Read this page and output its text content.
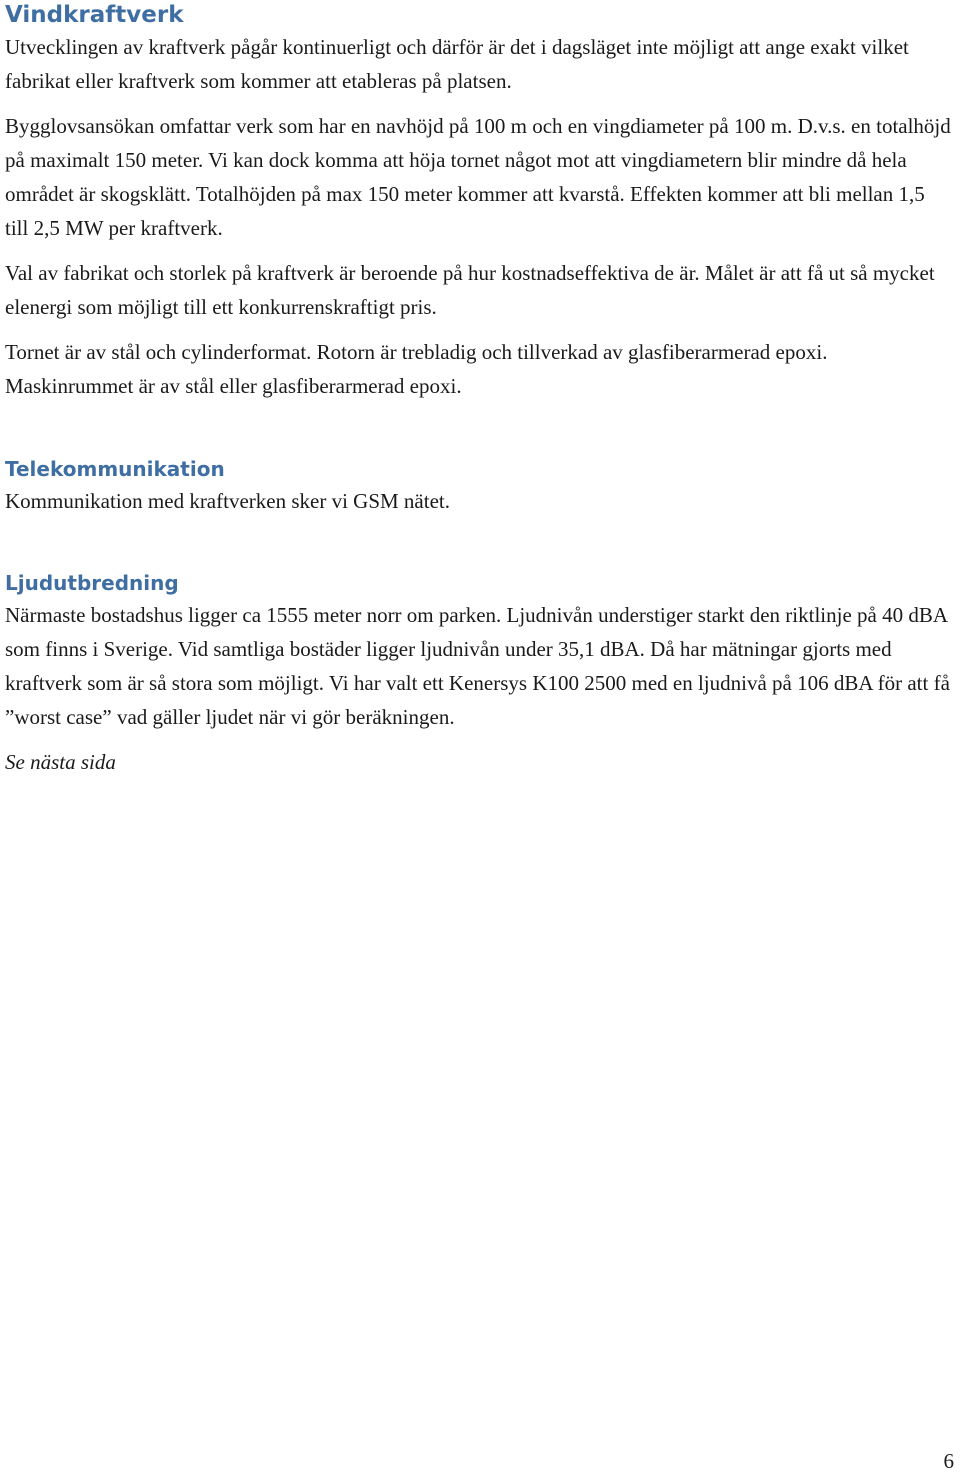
Vindkraftverk

Utvecklingen av kraftverk pågår kontinuerligt och därför är det i dagsläget inte möjligt att ange exakt vilket fabrikat eller kraftverk som kommer att etableras på platsen.

Bygglovsansökan omfattar verk som har en navhöjd på 100 m och en vingdiameter på 100 m. D.v.s. en totalhöjd på maximalt 150 meter. Vi kan dock komma att höja tornet något mot att vingdiametern blir mindre då hela området är skogsklätt. Totalhöjden på max 150 meter kommer att kvarstå. Effekten kommer att bli mellan 1,5 till 2,5 MW per kraftverk.

Val av fabrikat och storlek på kraftverk är beroende på hur kostnadseffektiva de är. Målet är att få ut så mycket elenergi som möjligt till ett konkurrenskraftigt pris.

Tornet är av stål och cylinderformat. Rotorn är trebladig och tillverkad av glasfiberarmerad epoxi. Maskinrummet är av stål eller glasfiberarmerad epoxi.

Telekommunikation

Kommunikation med kraftverken sker vi GSM nätet.

Ljudutbredning

Närmaste bostadshus ligger ca 1555 meter norr om parken. Ljudnivån understiger starkt den riktlinje på 40 dBA som finns i Sverige. Vid samtliga bostäder ligger ljudnivån under 35,1 dBA. Då har mätningar gjorts med kraftverk som är så stora som möjligt. Vi har valt ett Kenersys K100 2500 med en ljudnivå på 106 dBA för att få ”worst case” vad gäller ljudet när vi gör beräkningen.

Se nästa sida

6
